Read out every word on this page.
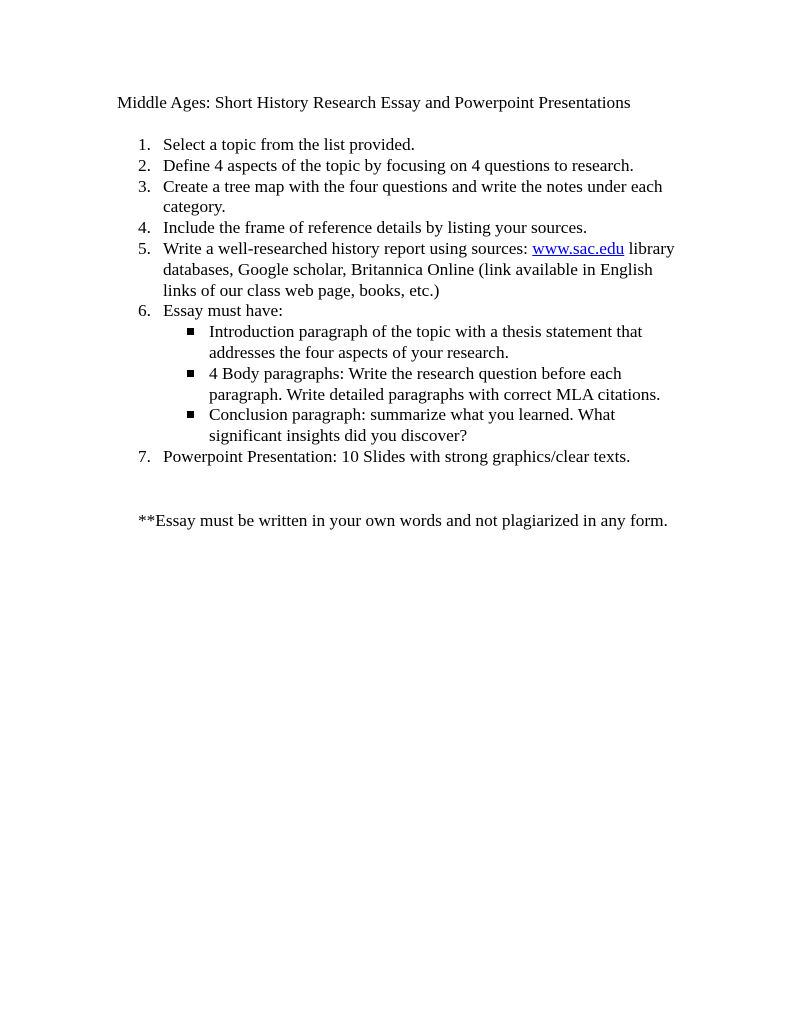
Middle Ages: Short History Research Essay and Powerpoint Presentations
1. Select a topic from the list provided.
2. Define 4 aspects of the topic by focusing on 4 questions to research.
3. Create a tree map with the four questions and write the notes under each category.
4. Include the frame of reference details by listing your sources.
5. Write a well-researched history report using sources: www.sac.edu library databases, Google scholar, Britannica Online (link available in English links of our class web page, books, etc.)
6. Essay must have:
Introduction paragraph of the topic with a thesis statement that addresses the four aspects of your research.
4 Body paragraphs: Write the research question before each paragraph. Write detailed paragraphs with correct MLA citations.
Conclusion paragraph: summarize what you learned. What significant insights did you discover?
7. Powerpoint Presentation: 10 Slides with strong graphics/clear texts.
**Essay must be written in your own words and not plagiarized in any form.
